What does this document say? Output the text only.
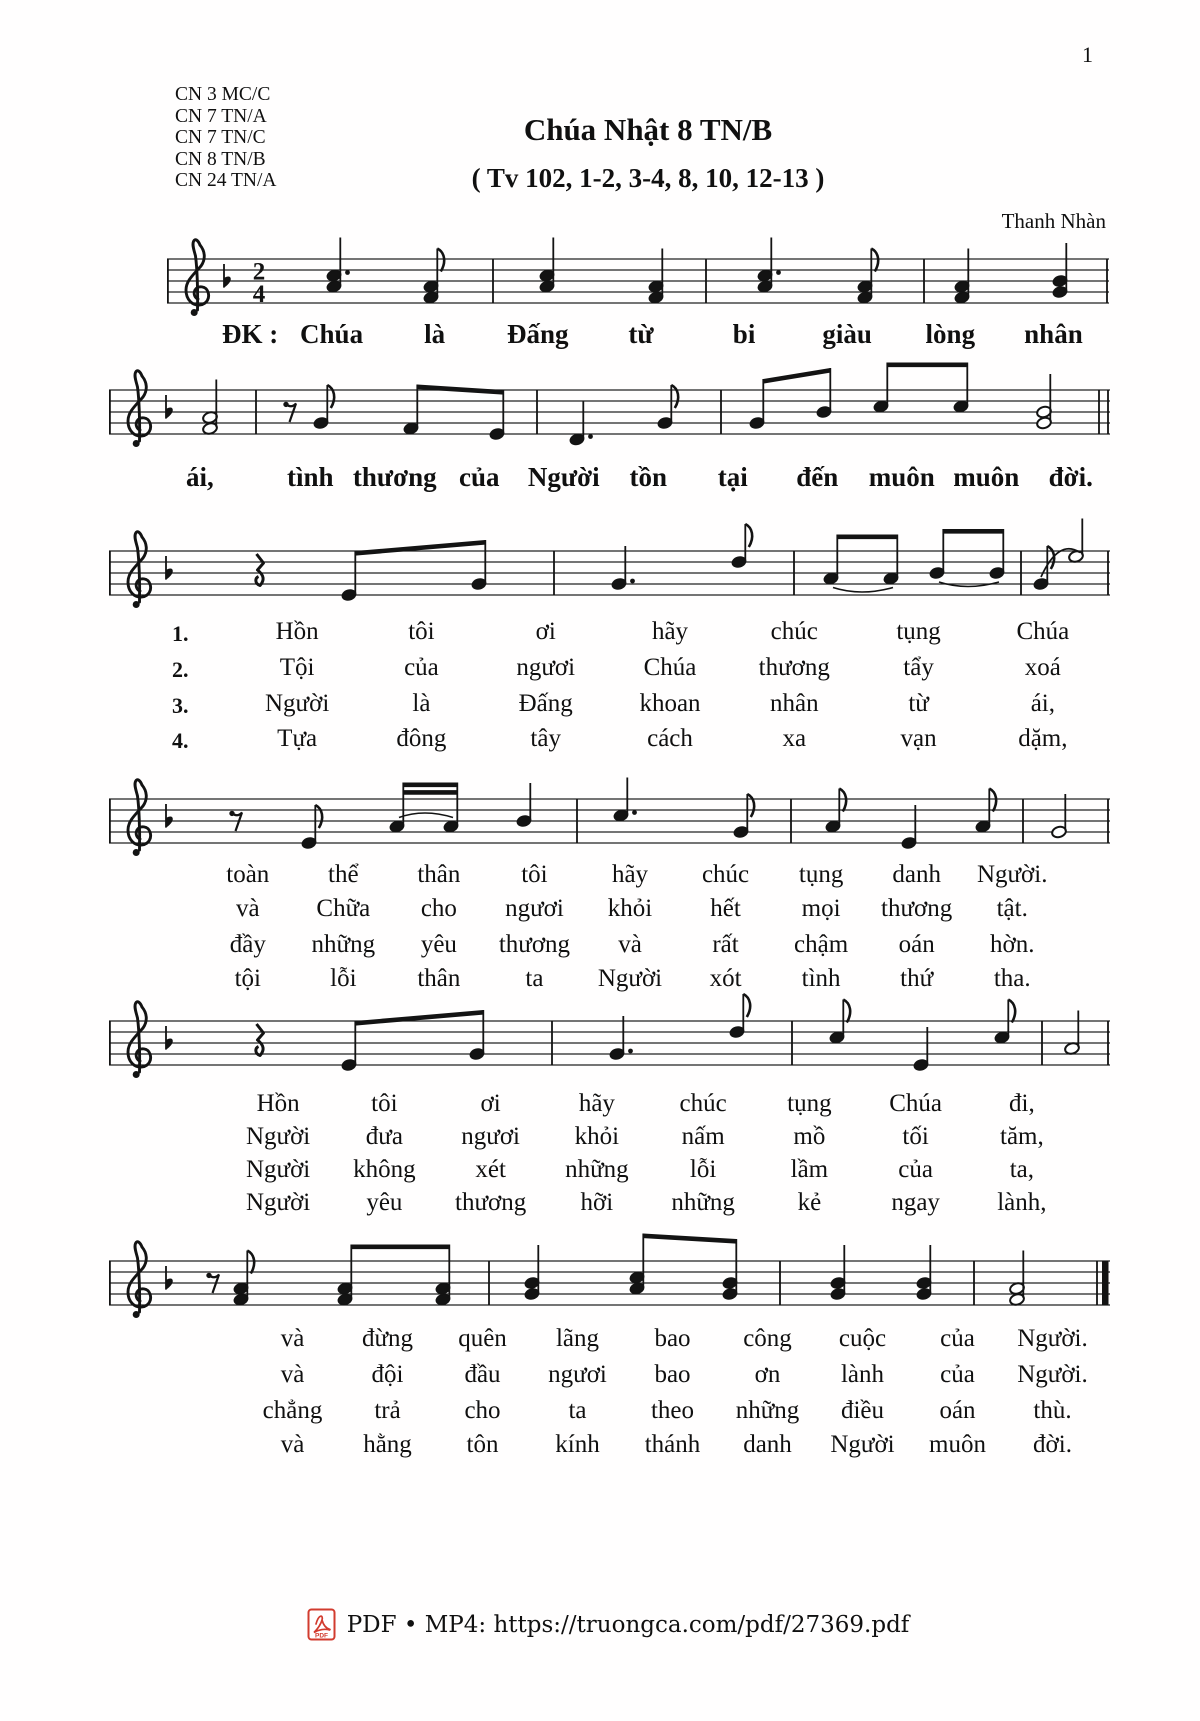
1
CN 3 MC/C
CN 7 TN/A
CN 7 TN/C
CN 8 TN/B
CN 24 TN/A
Chúa Nhật 8 TN/B
( Tv 102, 1-2, 3-4, 8, 10, 12-13 )
Thanh Nhàn
2
4
ĐK : Chúa	là	Đấng	từ	bi	giàu	lòng	nhân
ái,	tình thương của	Người	tồn	tại	đến	muôn muôn	đời.
1.	Hồn	tôi	ơi	hãy	chúc	tụng	Chúa
2.	Tội	của	ngươi	Chúa	thương	tẩy	xoá
3.	Người	là	Đấng	khoan	nhân	từ	ái,
4.	Tựa	đông	tây	cách	xa	vạn	dặm,
toàn	thể	thân	tôi	hãy	chúc	tụng	danh	Người.
và	Chữa	cho	ngươi	khỏi	hết	mọi	thương	tật.
đầy	những	yêu	thương	và	rất	chậm	oán	hờn.
tội	lỗi	thân	ta	Người	xót	tình	thứ	tha.
Hồn	tôi	ơi	hãy	chúc	tụng	Chúa	đi,
Người	đưa	ngươi	khỏi	nấm	mồ	tối	tăm,
Người	không	xét	những	lỗi	lầm	của	ta,
Người	yêu	thương	hỡi	những	kẻ	ngay	lành,
và	đừng	quên	lãng	bao	công	cuộc	của	Người.
và	đội	đầu	ngươi	bao	ơn	lành	của	Người.
chẳng	trả	cho	ta	theo	những	điều	oán	thù.
và	hằng	tôn	kính	thánh	danh	Người	muôn	đời.
PDF PDF • MP4: https://truongca.com/pdf/27369.pdf
